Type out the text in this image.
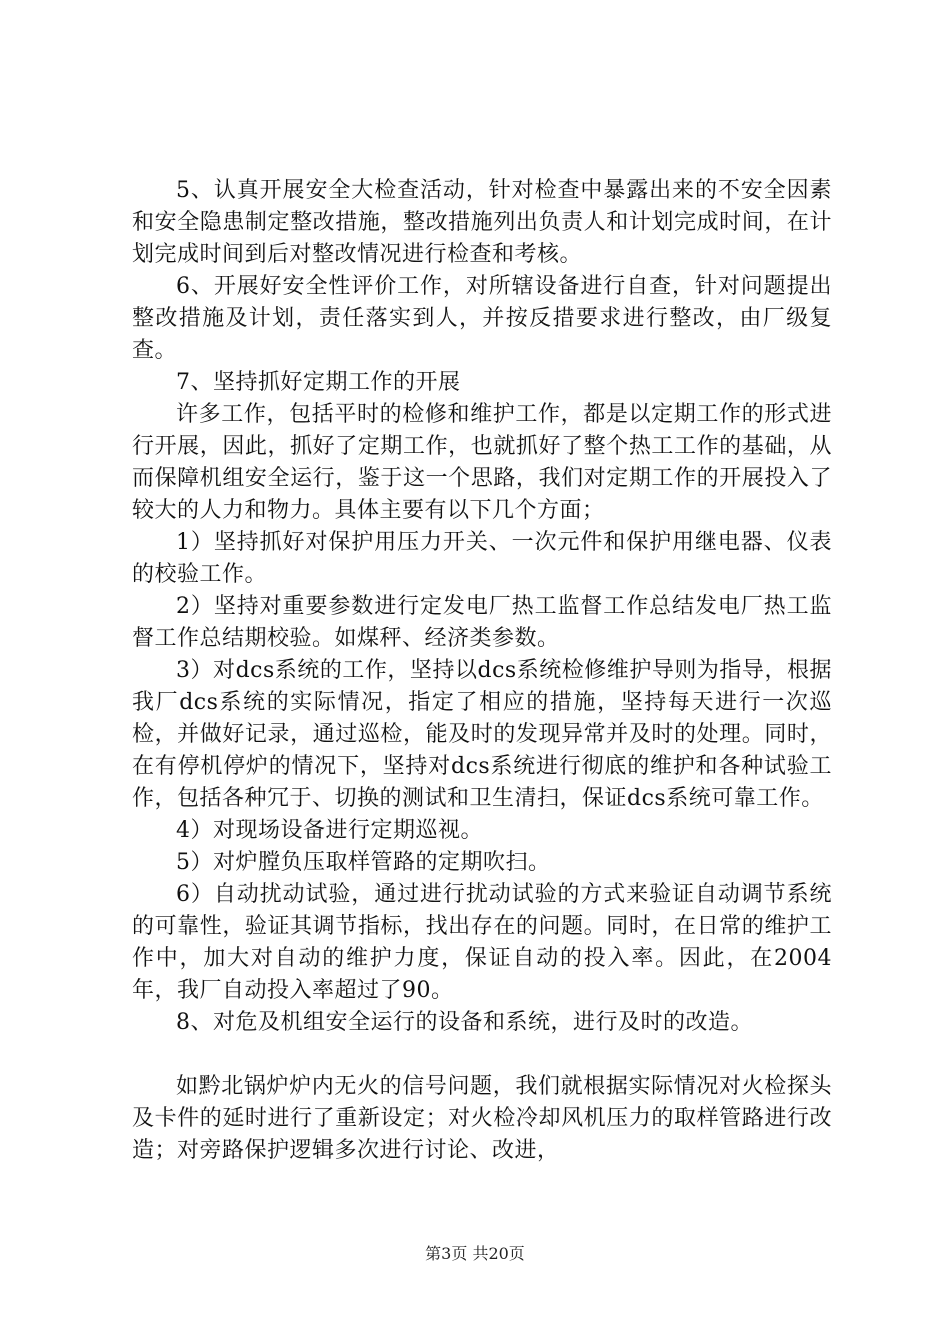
5、认真开展安全大检查活动，针对检查中暴露出来的不安全因素和安全隐患制定整改措施，整改措施列出负责人和计划完成时间，在计划完成时间到后对整改情况进行检查和考核。

6、开展好安全性评价工作，对所辖设备进行自查，针对问题提出整改措施及计划，责任落实到人，并按反措要求进行整改，由厂级复查。

7、坚持抓好定期工作的开展

许多工作，包括平时的检修和维护工作，都是以定期工作的形式进行开展，因此，抓好了定期工作，也就抓好了整个热工工作的基础，从而保障机组安全运行，鉴于这一个思路，我们对定期工作的开展投入了较大的人力和物力。具体主要有以下几个方面；

1）坚持抓好对保护用压力开关、一次元件和保护用继电器、仪表的校验工作。

2）坚持对重要参数进行定发电厂热工监督工作总结发电厂热工监督工作总结期校验。如煤秤、经济类参数。

3）对dcs系统的工作，坚持以dcs系统检修维护导则为指导，根据我厂dcs系统的实际情况，指定了相应的措施，坚持每天进行一次巡检，并做好记录，通过巡检，能及时的发现异常并及时的处理。同时，在有停机停炉的情况下，坚持对dcs系统进行彻底的维护和各种试验工作，包括各种冗于、切换的测试和卫生清扫，保证dcs系统可靠工作。

4）对现场设备进行定期巡视。

5）对炉膛负压取样管路的定期吹扫。

6）自动扰动试验，通过进行扰动试验的方式来验证自动调节系统的可靠性，验证其调节指标，找出存在的问题。同时，在日常的维护工作中，加大对自动的维护力度，保证自动的投入率。因此，在2004年，我厂自动投入率超过了90。

8、对危及机组安全运行的设备和系统，进行及时的改造。

如黔北锅炉炉内无火的信号问题，我们就根据实际情况对火检探头及卡件的延时进行了重新设定；对火检冷却风机压力的取样管路进行改造；对旁路保护逻辑多次进行讨论、改进，

第3页 共20页
